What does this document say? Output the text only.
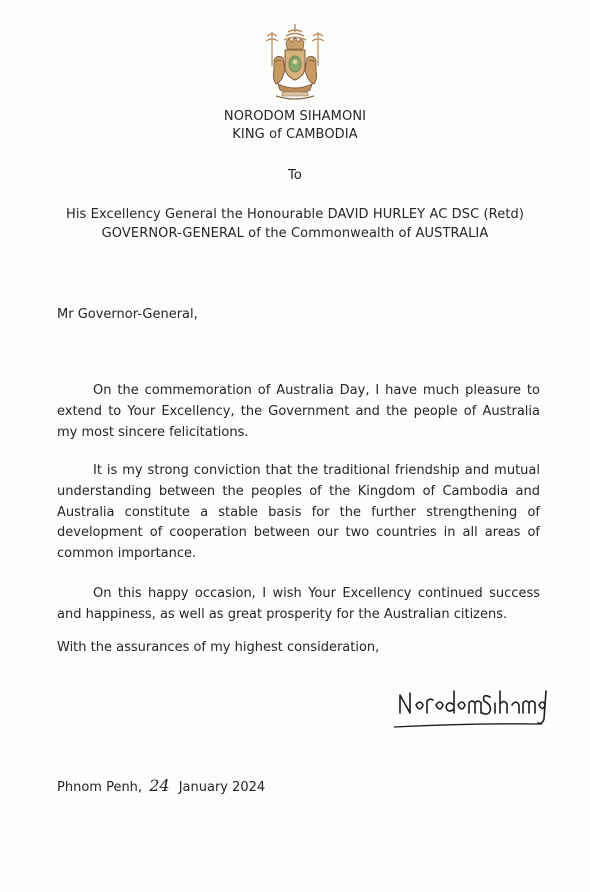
NORODOM SIHAMONI
KING of CAMBODIA
To
His Excellency General the Honourable DAVID HURLEY AC DSC (Retd)
GOVERNOR-GENERAL of the Commonwealth of AUSTRALIA
Mr Governor-General,
On the commemoration of Australia Day, I have much pleasure to extend to Your Excellency, the Government and the people of Australia my most sincere felicitations.
It is my strong conviction that the traditional friendship and mutual understanding between the peoples of the Kingdom of Cambodia and Australia constitute a stable basis for the further strengthening of development of cooperation between our two countries in all areas of common importance.
On this happy occasion, I wish Your Excellency continued success and happiness, as well as great prosperity for the Australian citizens.
With the assurances of my highest consideration,
Phnom Penh, 24 January 2024
